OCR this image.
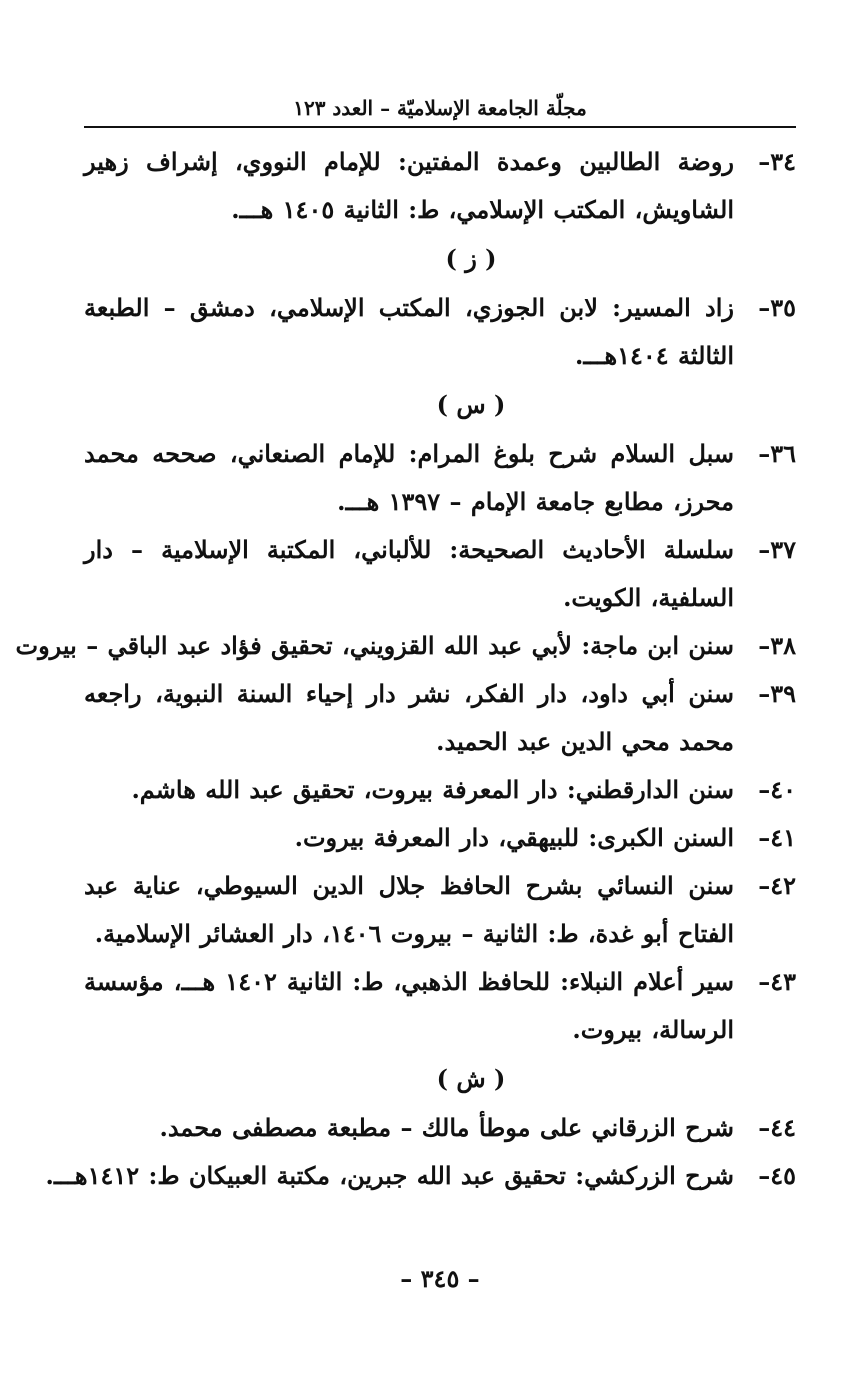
مجلّة الجامعة الإسلاميّة – العدد ١٢٣
٣٤–
روضة الطالبين وعمدة المفتين: للإمام النووي، إشراف زهير الشاويش، المكتب الإسلامي، ط: الثانية ١٤٠٥ هـــ.
( ز )
٣٥–
زاد المسير: لابن الجوزي، المكتب الإسلامي، دمشق – الطبعة الثالثة ١٤٠٤هـــ.
( س )
٣٦–
سبل السلام شرح بلوغ المرام: للإمام الصنعاني، صححه محمد محرز، مطابع جامعة الإمام – ١٣٩٧ هـــ.
٣٧–
سلسلة الأحاديث الصحيحة: للألباني، المكتبة الإسلامية – دار السلفية، الكويت.
٣٨–
سنن ابن ماجة: لأبي عبد الله القزويني، تحقيق فؤاد عبد الباقي – بيروت
٣٩–
سنن أبي داود، دار الفكر، نشر دار إحياء السنة النبوية، راجعه محمد محي الدين عبد الحميد.
٤٠–
سنن الدارقطني: دار المعرفة بيروت، تحقيق عبد الله هاشم.
٤١–
السنن الكبرى: للبيهقي، دار المعرفة بيروت.
٤٢–
سنن النسائي بشرح الحافظ جلال الدين السيوطي، عناية عبد الفتاح أبو غدة، ط: الثانية – بيروت ١٤٠٦، دار العشائر الإسلامية.
٤٣–
سير أعلام النبلاء: للحافظ الذهبي، ط: الثانية ١٤٠٢ هـــ، مؤسسة الرسالة، بيروت.
( ش )
٤٤–
شرح الزرقاني على موطأ مالك – مطبعة مصطفى محمد.
٤٥–
شرح الزركشي: تحقيق عبد الله جبرين، مكتبة العبيكان ط: ١٤١٢هـــ.
– ٣٤٥ –
